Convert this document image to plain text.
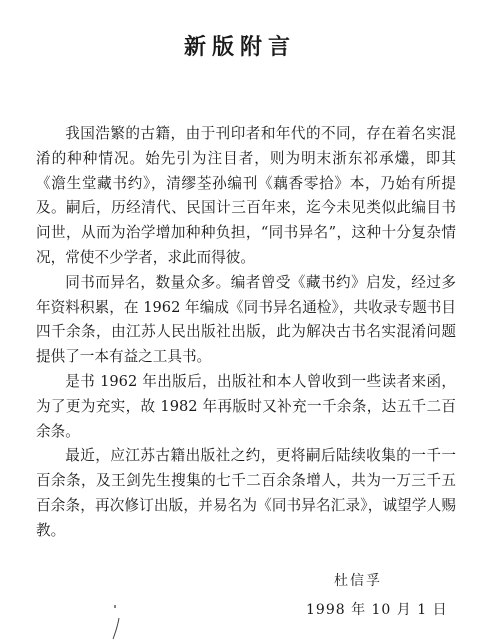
新版附言

我国浩繁的古籍，由于刊印者和年代的不同，存在着名实混淆的种种情况。始先引为注目者，则为明末浙东祁承爜，即其《澹生堂藏书约》，清缪荃孙编刊《藕香零拾》本，乃始有所提及。嗣后，历经清代、民国计三百年来，迄今未见类似此编目书问世，从而为治学增加种种负担，“同书异名”，这种十分复杂情况，常使不少学者，求此而得彼。

同书而异名，数量众多。编者曾受《藏书约》启发，经过多年资料积累，在 1962 年编成《同书异名通检》，共收录专题书目四千余条，由江苏人民出版社出版，此为解决古书名实混淆问题提供了一本有益之工具书。

是书 1962 年出版后，出版社和本人曾收到一些读者来函，为了更为充实，故 1982 年再版时又补充一千余条，达五千二百余条。

最近，应江苏古籍出版社之约，更将嗣后陆续收集的一千一百余条，及王剑先生搜集的七千二百余条增人，共为一万三千五百余条，再次修订出版，并易名为《同书异名汇录》，诚望学人赐教。

杜信孚

1998 年 10 月 1 日
